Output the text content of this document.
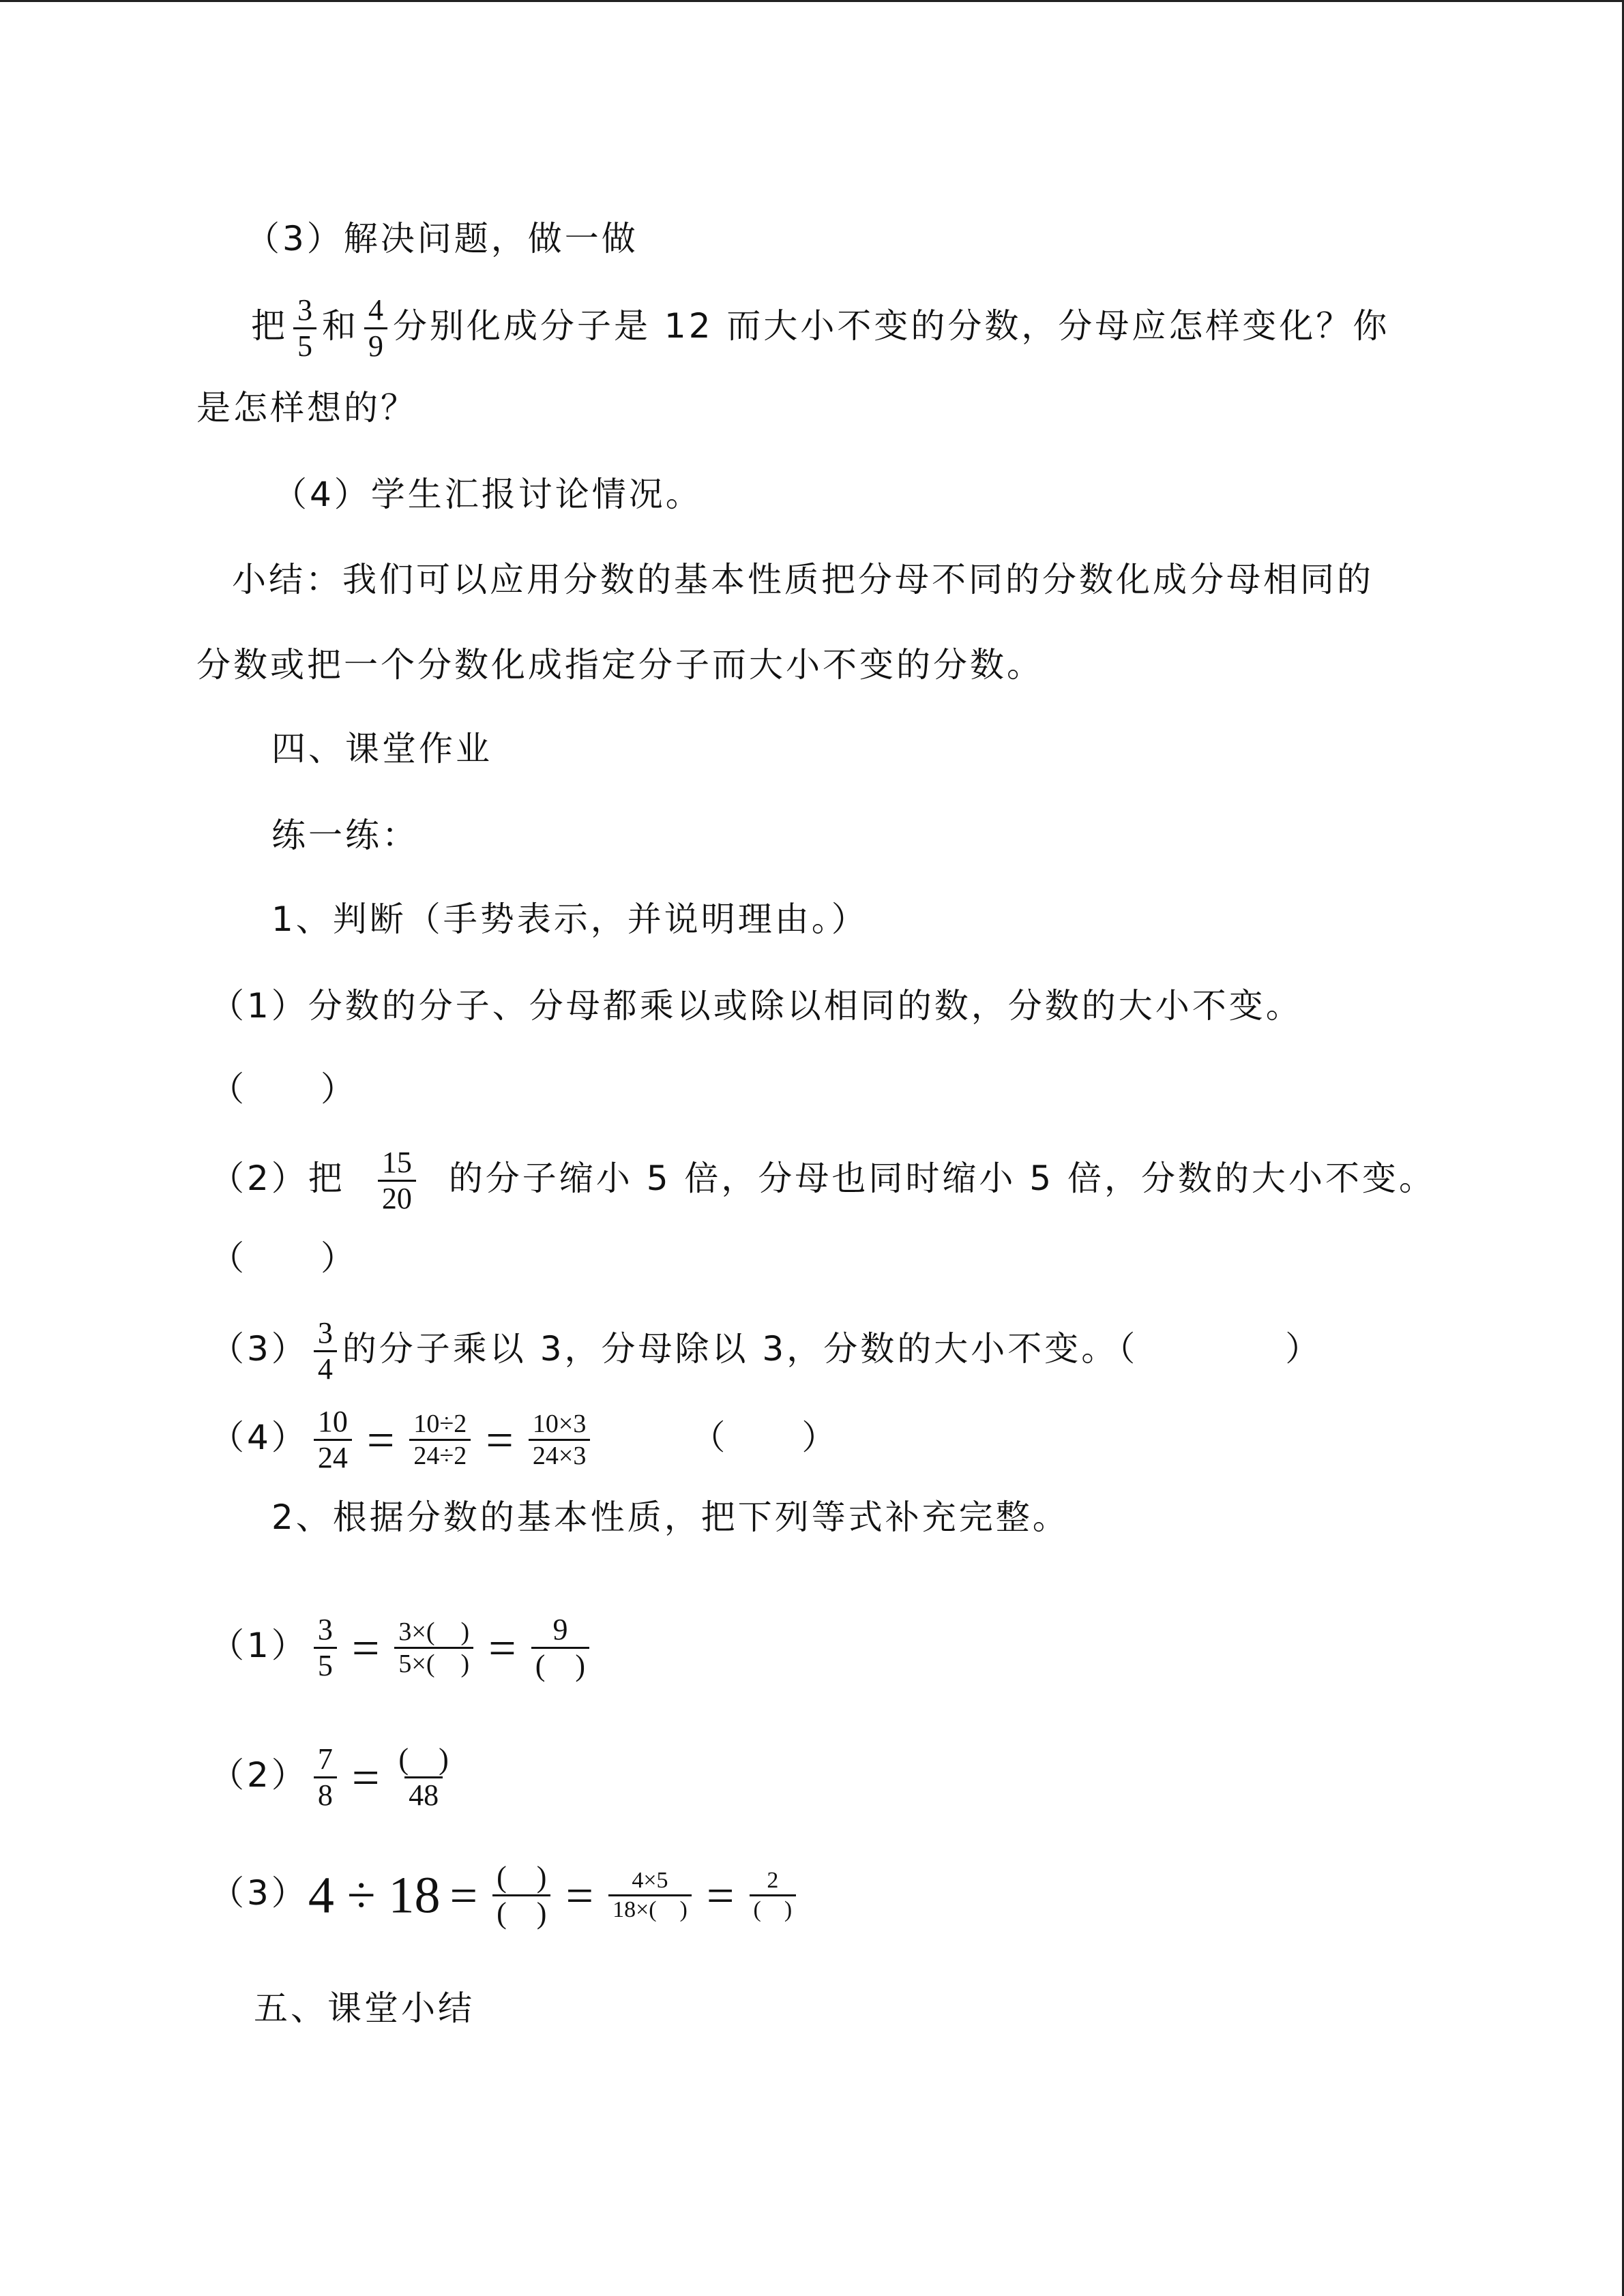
（3）解决问题，做一做
把 $\frac{3}{5}$ 和 $\frac{4}{9}$ 分别化成分子是 12 而大小不变的分数，分母应怎样变化？你
是怎样想的？
（4）学生汇报讨论情况。
小结：我们可以应用分数的基本性质把分母不同的分数化成分母相同的
分数或把一个分数化成指定分子而大小不变的分数。
四、课堂作业
练一练：
1、判断（手势表示，并说明理由。）
（1）分数的分子、分母都乘以或除以相同的数，分数的大小不变。
（　　）
（2）把 $\frac{15}{20}$ 的分子缩小 5 倍，分母也同时缩小 5 倍，分数的大小不变。
（　　）
$(3) \frac{3}{4}$ 的分子乘以 3，分母除以 3，分数的大小不变。（　　　　）
$(4) \frac{10}{24} = \frac{10\div 2}{24\div 2} = \frac{10\times 3}{24\times 3}$	（　　）
2、根据分数的基本性质，把下列等式补充完整。
$(1) \frac{3}{5} = \frac{3\times( )}{5\times( )} = \frac{9}{( )}$
$(2) \frac{7}{8} = \frac{( )}{48}$
$(3)4 \div 18 = \frac{( )}{( )} = \frac{4\times 5}{18\times( )} = \frac{2}{( )}$
五、课堂小结
